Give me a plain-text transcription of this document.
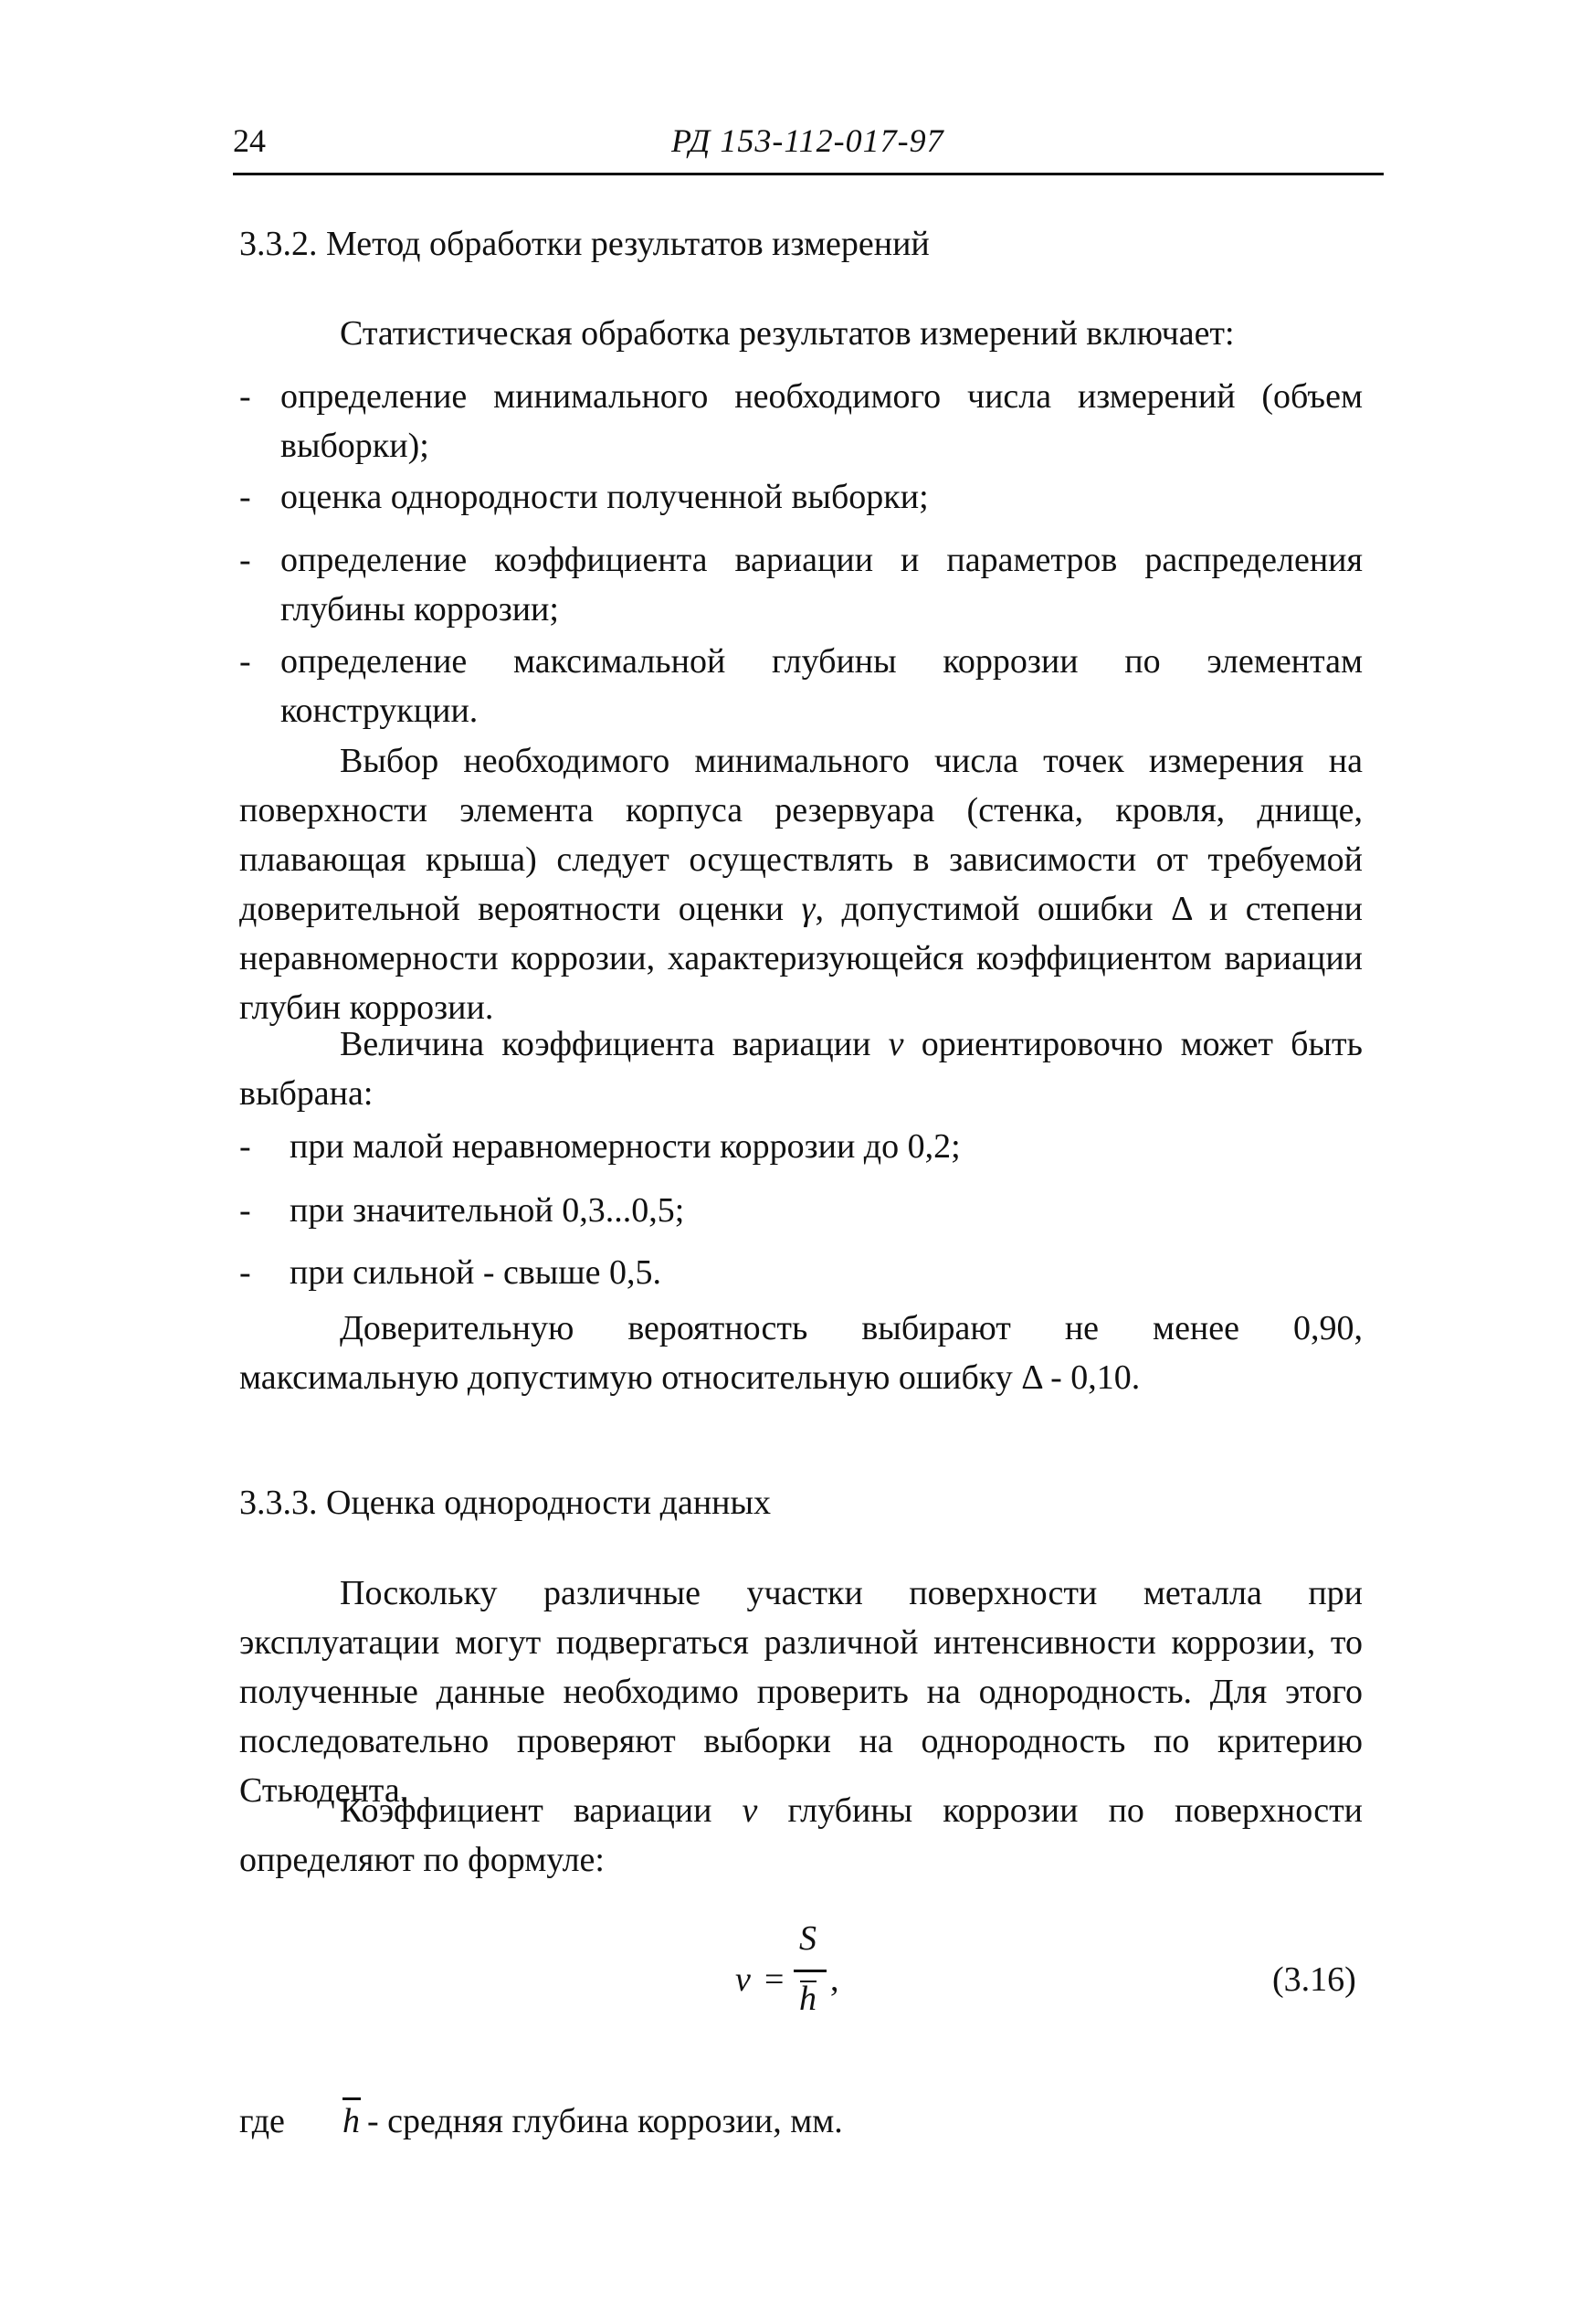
24	РД 153-112-017-97
3.3.2. Метод обработки результатов измерений
Статистическая обработка результатов измерений включает:
- определение минимального необходимого числа измерений (объем выборки);
- оценка однородности полученной выборки;
- определение коэффициента вариации и параметров распределения глубины коррозии;
- определение максимальной глубины коррозии по элементам конструкции.

Выбор необходимого минимального числа точек измерения на поверхности элемента корпуса резервуара (стенка, кровля, днище, плавающая крыша) следует осуществлять в зависимости от требуемой доверительной вероятности оценки γ, допустимой ошибки Δ и степени неравномерности коррозии, характеризующейся коэффициентом вариации глубин коррозии.

Величина коэффициента вариации ν ориентировочно может быть выбрана:

- при малой неравномерности коррозии до 0,2;
- при значительной 0,3...0,5;
- при сильной - свыше 0,5.

Доверительную вероятность выбирают не менее 0,90, максимальную допустимую относительную ошибку Δ - 0,10.

3.3.3. Оценка однородности данных

Поскольку различные участки поверхности металла при эксплуатации могут подвергаться различной интенсивности коррозии, то полученные данные необходимо проверить на однородность. Для этого последовательно проверяют выборки на однородность по критерию Стьюдента.

Коэффициент вариации ν глубины коррозии по поверхности определяют по формуле:

ν =
S
h ,	(3.16)
где h - средняя глубина коррозии, мм.
